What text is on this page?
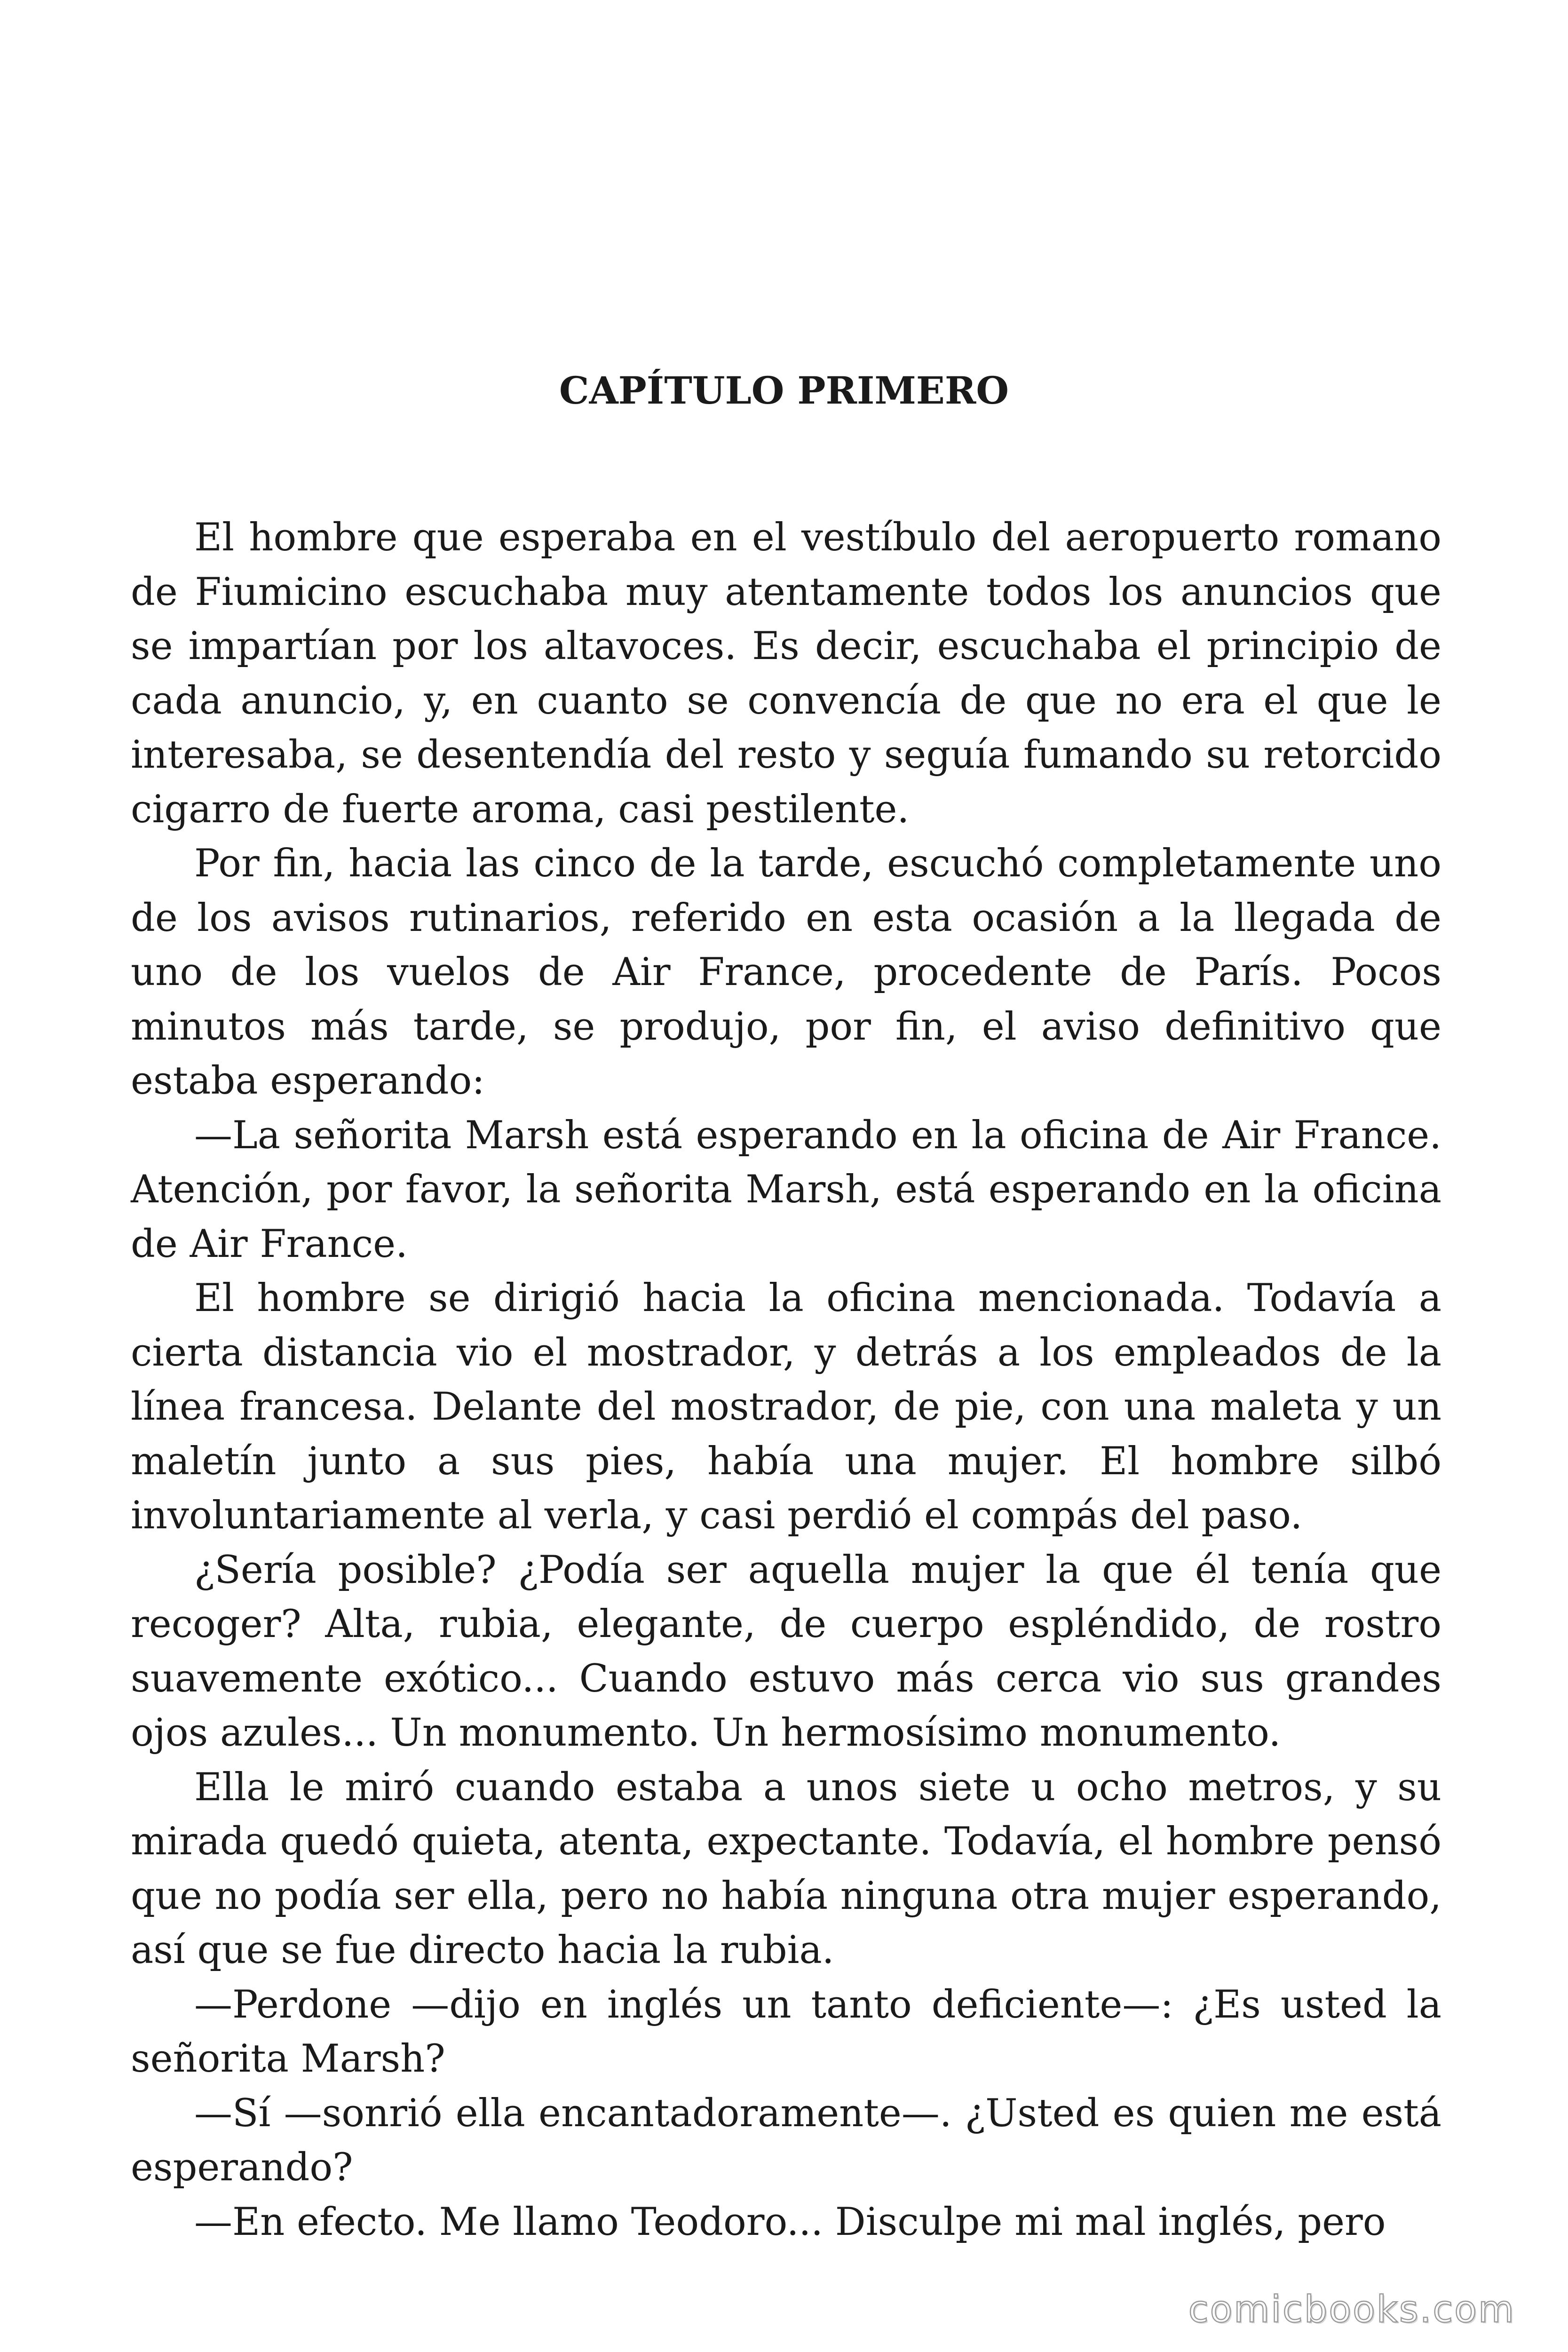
CAPÍTULO PRIMERO

El hombre que esperaba en el vestíbulo del aeropuerto romano de Fiumicino escuchaba muy atentamente todos los anuncios que se impartían por los altavoces. Es decir, escuchaba el principio de cada anuncio, y, en cuanto se convencía de que no era el que le interesaba, se desentendía del resto y seguía fumando su retorcido cigarro de fuerte aroma, casi pestilente.

Por fin, hacia las cinco de la tarde, escuchó completamente uno de los avisos rutinarios, referido en esta ocasión a la llegada de uno de los vuelos de Air France, procedente de París. Pocos minutos más tarde, se produjo, por fin, el aviso definitivo que estaba esperando:

—La señorita Marsh está esperando en la oficina de Air France. Atención, por favor, la señorita Marsh, está esperando en la oficina de Air France.

El hombre se dirigió hacia la oficina mencionada. Todavía a cierta distancia vio el mostrador, y detrás a los empleados de la línea francesa. Delante del mostrador, de pie, con una maleta y un maletín junto a sus pies, había una mujer. El hombre silbó involuntariamente al verla, y casi perdió el compás del paso.

¿Sería posible? ¿Podía ser aquella mujer la que él tenía que recoger? Alta, rubia, elegante, de cuerpo espléndido, de rostro suavemente exótico... Cuando estuvo más cerca vio sus grandes ojos azules... Un monumento. Un hermosísimo monumento.

Ella le miró cuando estaba a unos siete u ocho metros, y su mirada quedó quieta, atenta, expectante. Todavía, el hombre pensó que no podía ser ella, pero no había ninguna otra mujer esperando, así que se fue directo hacia la rubia.

—Perdone —dijo en inglés un tanto deficiente—: ¿Es usted la señorita Marsh?

—Sí —sonrió ella encantadoramente—. ¿Usted es quien me está esperando?

—En efecto. Me llamo Teodoro... Disculpe mi mal inglés, pero

comicbooks.com
